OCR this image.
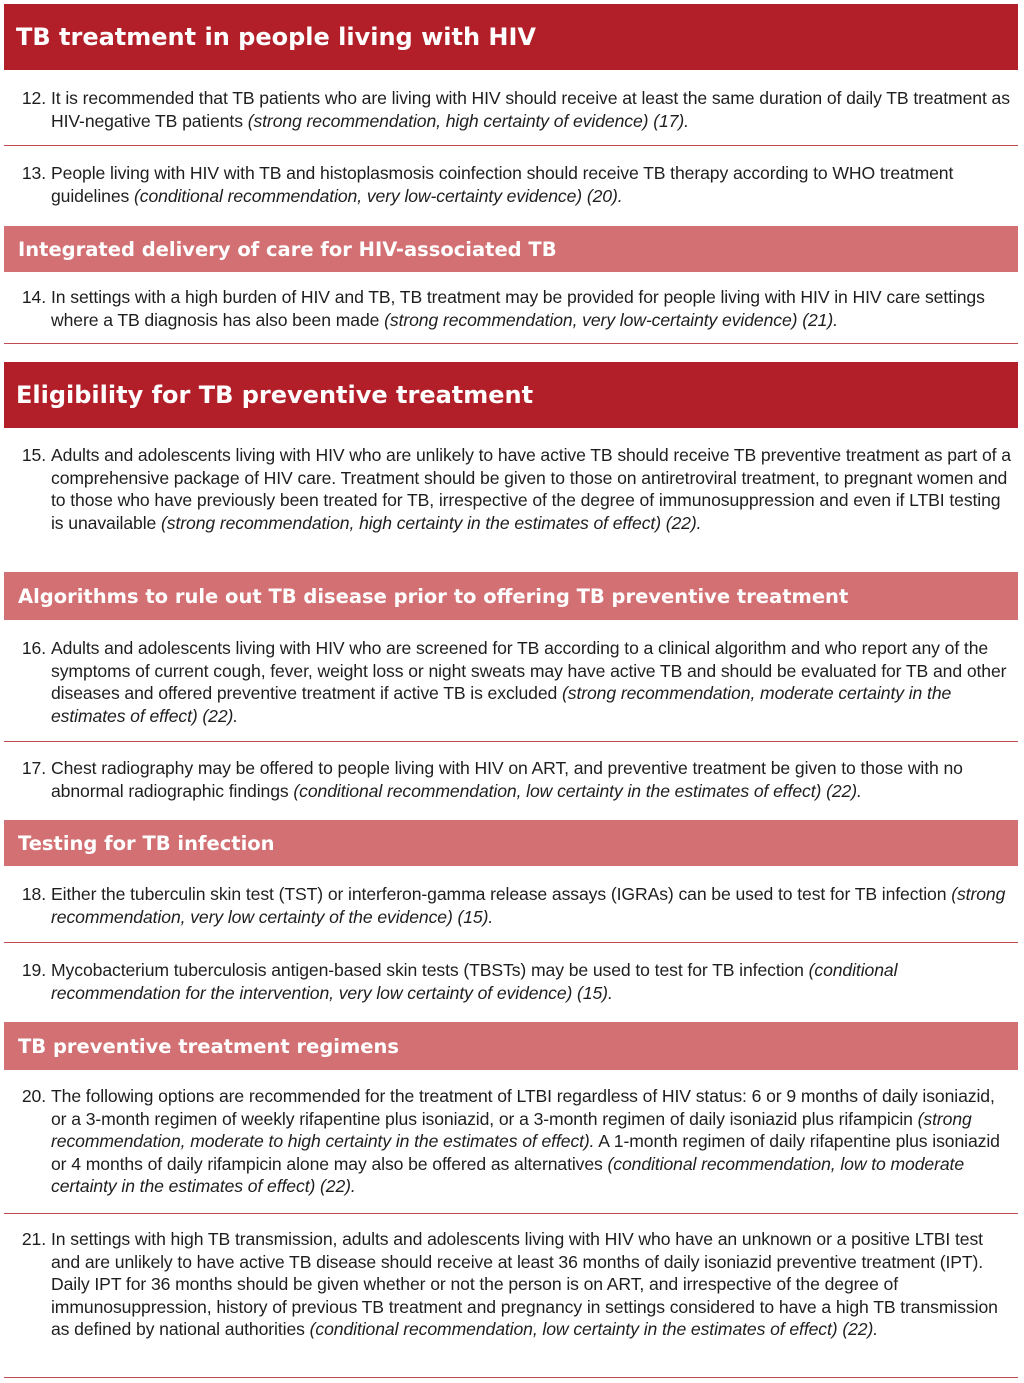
TB treatment in people living with HIV
12. It is recommended that TB patients who are living with HIV should receive at least the same duration of daily TB treatment as HIV-negative TB patients (strong recommendation, high certainty of evidence) (17).
13. People living with HIV with TB and histoplasmosis coinfection should receive TB therapy according to WHO treatment guidelines (conditional recommendation, very low-certainty evidence) (20).
Integrated delivery of care for HIV-associated TB
14. In settings with a high burden of HIV and TB, TB treatment may be provided for people living with HIV in HIV care settings where a TB diagnosis has also been made (strong recommendation, very low-certainty evidence) (21).
Eligibility for TB preventive treatment
15. Adults and adolescents living with HIV who are unlikely to have active TB should receive TB preventive treatment as part of a comprehensive package of HIV care. Treatment should be given to those on antiretroviral treatment, to pregnant women and to those who have previously been treated for TB, irrespective of the degree of immunosuppression and even if LTBI testing is unavailable (strong recommendation, high certainty in the estimates of effect) (22).
Algorithms to rule out TB disease prior to offering TB preventive treatment
16. Adults and adolescents living with HIV who are screened for TB according to a clinical algorithm and who report any of the symptoms of current cough, fever, weight loss or night sweats may have active TB and should be evaluated for TB and other diseases and offered preventive treatment if active TB is excluded (strong recommendation, moderate certainty in the estimates of effect) (22).
17. Chest radiography may be offered to people living with HIV on ART, and preventive treatment be given to those with no abnormal radiographic findings (conditional recommendation, low certainty in the estimates of effect) (22).
Testing for TB infection
18. Either the tuberculin skin test (TST) or interferon-gamma release assays (IGRAs) can be used to test for TB infection (strong recommendation, very low certainty of the evidence) (15).
19. Mycobacterium tuberculosis antigen-based skin tests (TBSTs) may be used to test for TB infection (conditional recommendation for the intervention, very low certainty of evidence) (15).
TB preventive treatment regimens
20. The following options are recommended for the treatment of LTBI regardless of HIV status: 6 or 9 months of daily isoniazid, or a 3-month regimen of weekly rifapentine plus isoniazid, or a 3-month regimen of daily isoniazid plus rifampicin (strong recommendation, moderate to high certainty in the estimates of effect). A 1-month regimen of daily rifapentine plus isoniazid or 4 months of daily rifampicin alone may also be offered as alternatives (conditional recommendation, low to moderate certainty in the estimates of effect) (22).
21. In settings with high TB transmission, adults and adolescents living with HIV who have an unknown or a positive LTBI test and are unlikely to have active TB disease should receive at least 36 months of daily isoniazid preventive treatment (IPT). Daily IPT for 36 months should be given whether or not the person is on ART, and irrespective of the degree of immunosuppression, history of previous TB treatment and pregnancy in settings considered to have a high TB transmission as defined by national authorities (conditional recommendation, low certainty in the estimates of effect) (22).
